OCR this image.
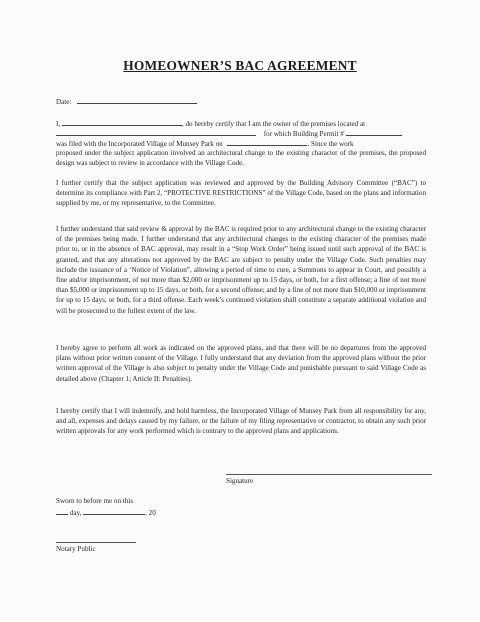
HOMEOWNER’S BAC AGREEMENT
Date:
I,	, do hereby certify that I am the owner of the premises located at
for which Building Permit #
was filed with the Incorporated Village of Munsey Park on	. Since the work
proposed under the subject application involved an architectural change to the existing character of the premises, the proposed design was subject to review in accordance with the Village Code.
I further certify that the subject application was reviewed and approved by the Building Advisory Committee (“BAC”) to determine its compliance with Part 2, “PROTECTIVE RESTRICTIONS” of the Village Code, based on the plans and information supplied by me, or my representative, to the Committee.
I further understand that said review & approval by the BAC is required prior to any architectural change to the existing character of the premises being made. I further understand that any architectural changes to the existing character of the premises made prior to, or in the absence of BAC approval, may result in a “Stop Work Order” being issued until such approval of the BAC is granted, and that any alterations not approved by the BAC are subject to penalty under the Village Code. Such penalties may include the issuance of a ‘Notice of Violation”, allowing a period of time to cure, a Summons to appear in Court, and possibly a fine and/or imprisonment, of not more than $2,000 or imprisonment up to 15 days, or both, for a first offense; a fine of not more than $5,000 or imprisonment up to 15 days, or both, for a second offense; and by a fine of not more than $10,000 or imprisonment for up to 15 days, or both, for a third offense. Each week’s continued violation shall constitute a separate additional violation and will be prosecuted to the fullest extent of the law.
I hereby agree to perform all work as indicated on the approved plans, and that there will be no departures from the approved plans without prior written consent of the Village. I fully understand that any deviation from the approved plans without the prior written approval of the Village is also subject to penalty under the Village Code and punishable pursuant to said Village Code as detailed above (Chapter 1; Article II: Penalties).
I hereby certify that I will indemnify, and hold harmless, the Incorporated Village of Munsey Park from all responsibility for any, and all, expenses and delays caused by my failure, or the failure of my filing representative or contractor, to obtain any such prior written approvals for any work performed which is contrary to the approved plans and applications.
Signature
Sworn to before me on this
day,	, 20
Notary Public
